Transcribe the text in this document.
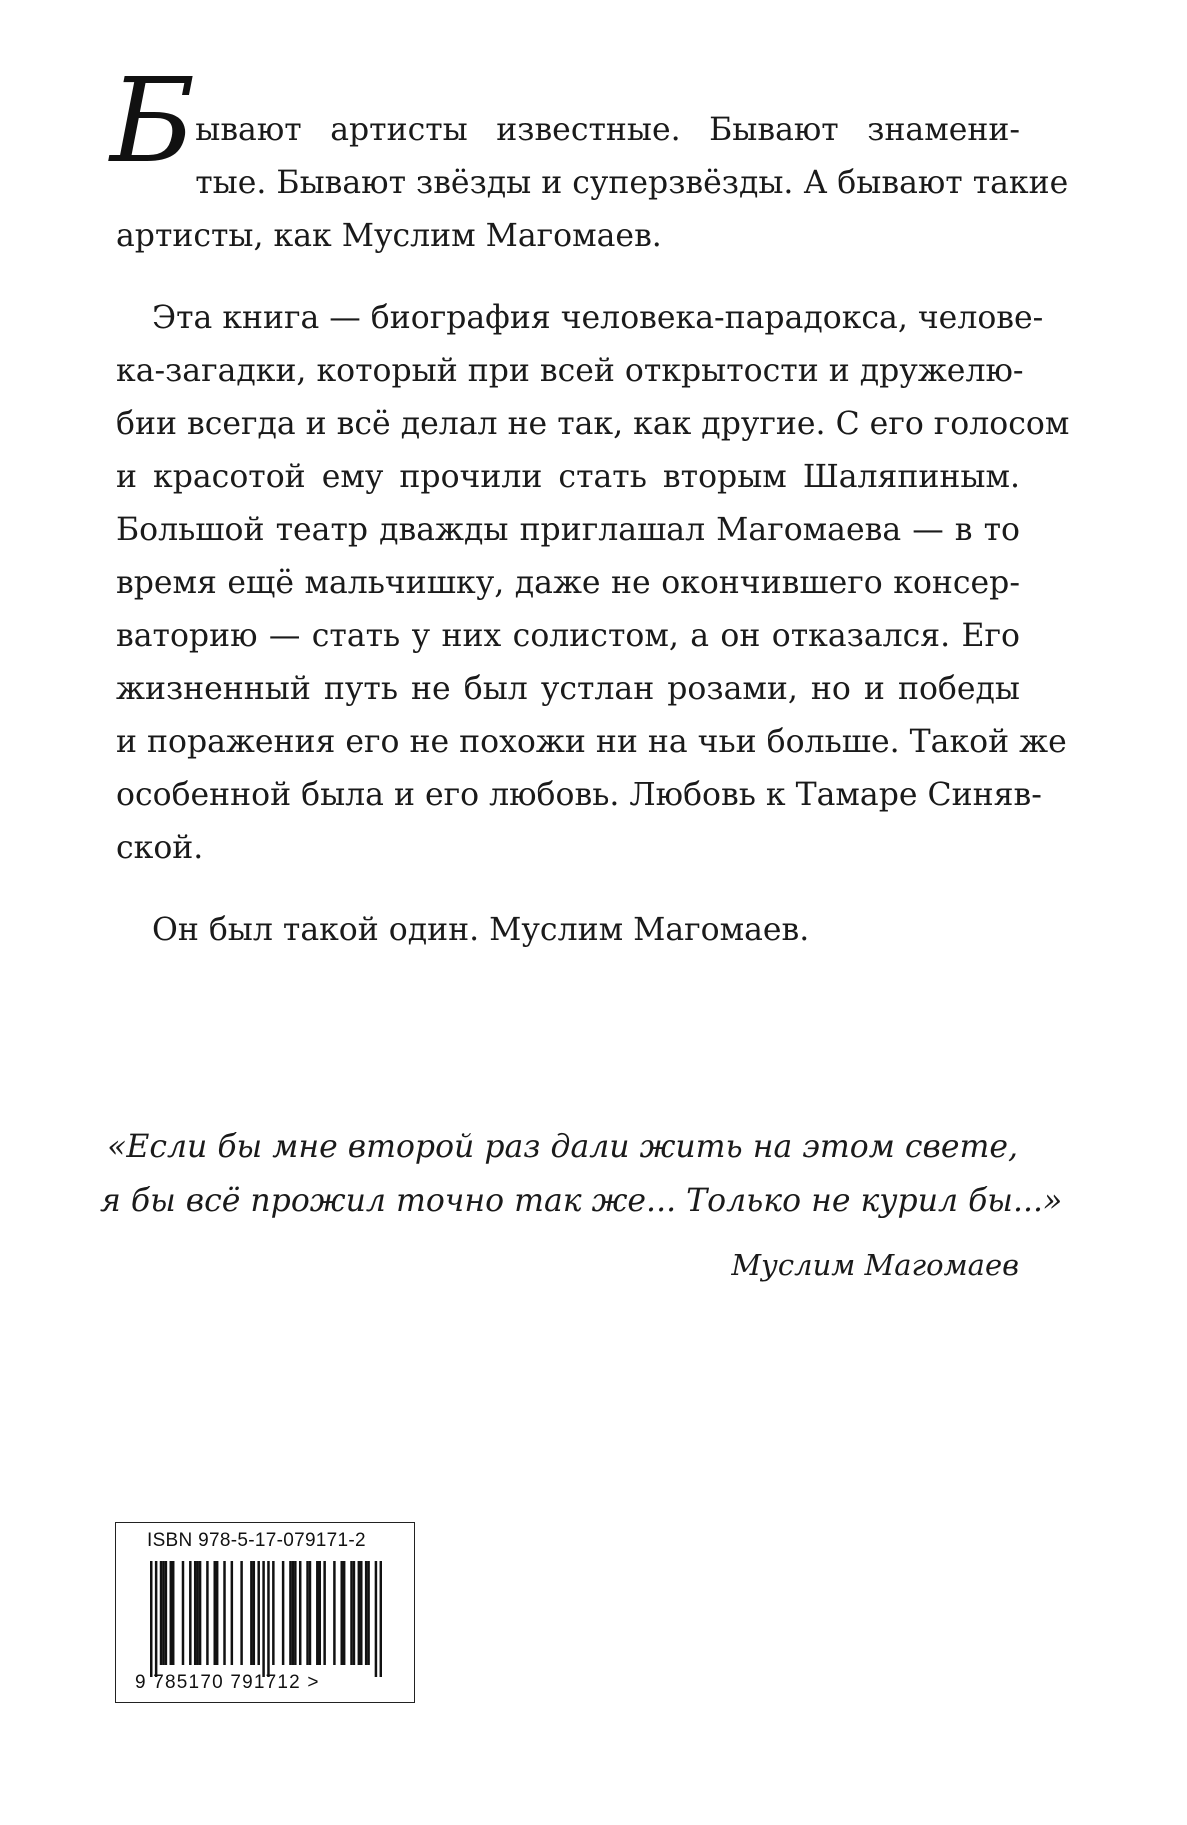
Б ывают артисты известные. Бывают знамени-
тые. Бывают звёзды и суперзвёзды. А бывают такие
артисты, как Муслим Магомаев.
Эта книга — биография человека-парадокса, челове-
ка-загадки, который при всей открытости и дружелю-
бии всегда и всё делал не так, как другие. С его голосом
и красотой ему прочили стать вторым Шаляпиным.
Большой театр дважды приглашал Магомаева — в то
время ещё мальчишку, даже не окончившего консер-
ваторию — стать у них солистом, а он отказался. Его
жизненный путь не был устлан розами, но и победы
и поражения его не похожи ни на чьи больше. Такой же
особенной была и его любовь. Любовь к Тамаре Синяв-
ской.
Он был такой один. Муслим Магомаев.
«Если бы мне второй раз дали жить на этом свете,
я бы всё прожил точно так же... Только не курил бы...»
Муслим Магомаев
ISBN 978-5-17-079171-2
9 785170 791712 >
